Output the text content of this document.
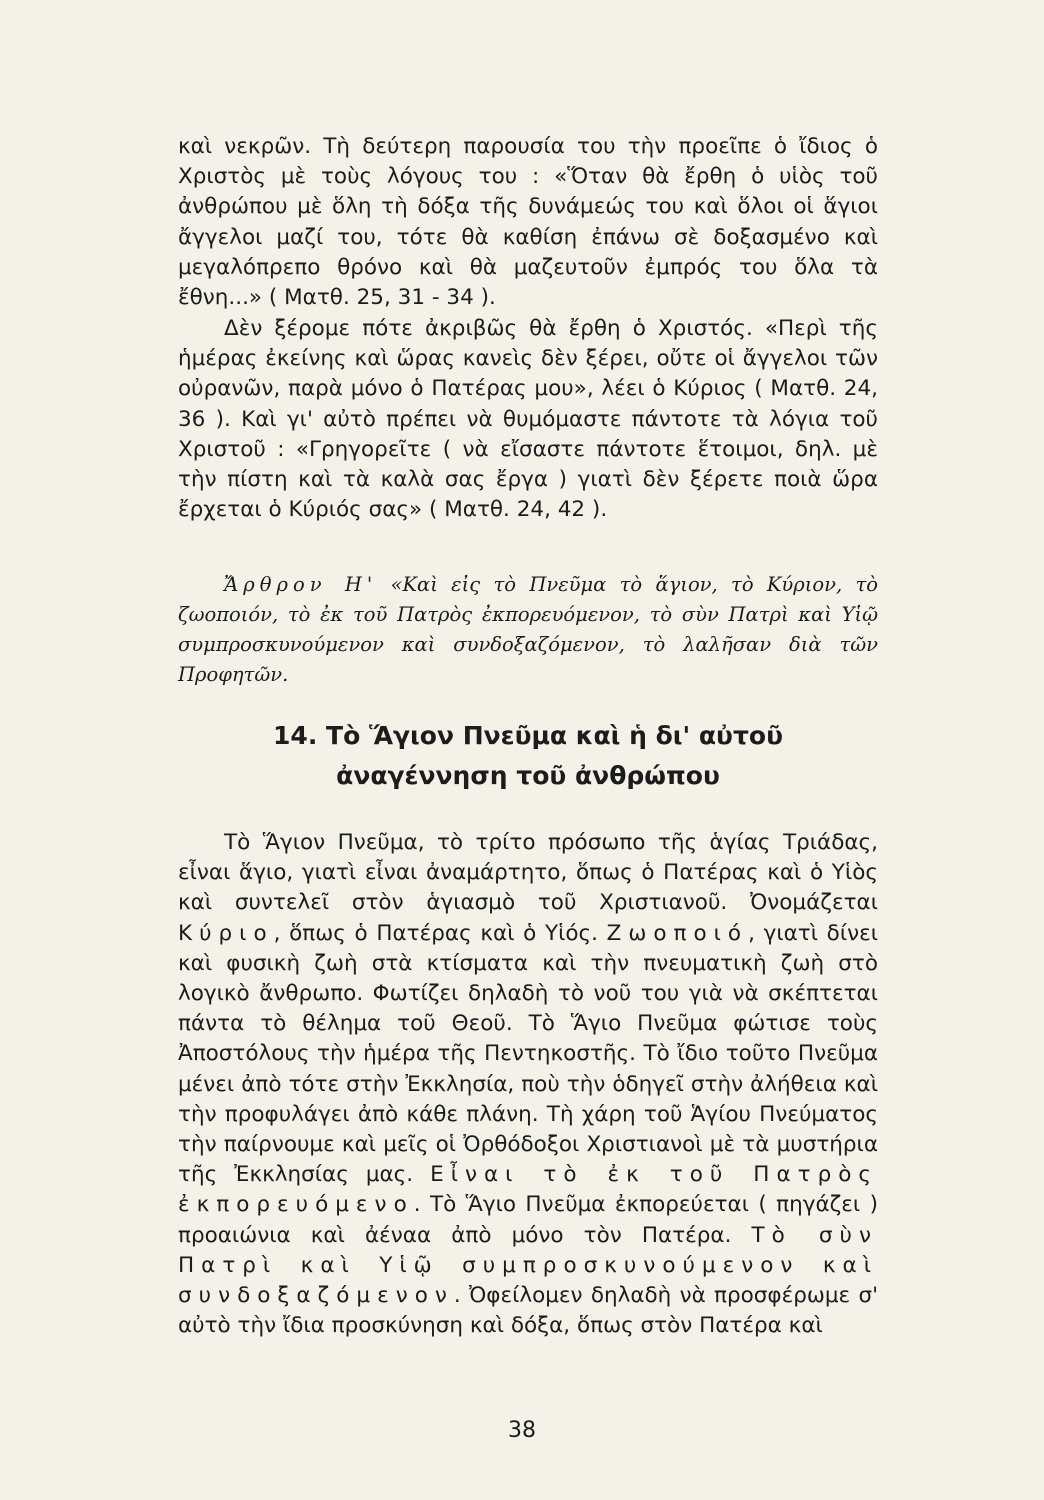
καὶ νεκρῶν. Τὴ δεύτερη παρουσία του τὴν προεῖπε ὁ ἴδιος ὁ Χριστὸς μὲ τοὺς λόγους του : «Ὅταν θὰ ἔρθη ὁ υἱὸς τοῦ ἀνθρώπου μὲ ὅλη τὴ δόξα τῆς δυνάμεώς του καὶ ὅλοι οἱ ἅγιοι ἄγγελοι μαζί του, τότε θὰ καθίση ἐπάνω σὲ δοξασμένο καὶ μεγαλόπρεπο θρόνο καὶ θὰ μαζευτοῦν ἐμπρός του ὅλα τὰ ἔθνη...» ( Ματθ. 25, 31 - 34 ).

Δὲν ξέρομε πότε ἀκριβῶς θὰ ἔρθη ὁ Χριστός. «Περὶ τῆς ἡμέρας ἐκείνης καὶ ὥρας κανεὶς δὲν ξέρει, οὔτε οἱ ἄγγελοι τῶν οὐρανῶν, παρὰ μόνο ὁ Πατέρας μου», λέει ὁ Κύριος ( Ματθ. 24, 36 ). Καὶ γι' αὐτὸ πρέπει νὰ θυμόμαστε πάντοτε τὰ λόγια τοῦ Χριστοῦ : «Γρηγορεῖτε ( νὰ εἴσαστε πάντοτε ἕτοιμοι, δηλ. μὲ τὴν πίστη καὶ τὰ καλὰ σας ἔργα ) γιατὶ δὲν ξέρετε ποιὰ ὥρα ἔρχεται ὁ Κύριός σας» ( Ματθ. 24, 42 ).

Ἄρθρον Η' «Καὶ εἰς τὸ Πνεῦμα τὸ ἅγιον, τὸ Κύριον, τὸ ζωοποιόν, τὸ ἐκ τοῦ Πατρὸς ἐκπορευόμενον, τὸ σὺν Πατρὶ καὶ Υἱῷ συμπροσκυνούμενον καὶ συνδοξαζόμενον, τὸ λαλῆσαν διὰ τῶν Προφητῶν.

14. Τὸ Ἅγιον Πνεῦμα καὶ ἡ δι' αὐτοῦ
ἀναγέννηση τοῦ ἀνθρώπου

Τὸ Ἅγιον Πνεῦμα, τὸ τρίτο πρόσωπο τῆς ἁγίας Τριάδας, εἶναι ἅγιο, γιατὶ εἶναι ἀναμάρτητο, ὅπως ὁ Πατέρας καὶ ὁ Υἱὸς καὶ συντελεῖ στὸν ἁγιασμὸ τοῦ Χριστιανοῦ. Ὀνομάζεται Κύριο, ὅπως ὁ Πατέρας καὶ ὁ Υἱός. Ζωοποιό, γιατὶ δίνει καὶ φυσικὴ ζωὴ στὰ κτίσματα καὶ τὴν πνευματικὴ ζωὴ στὸ λογικὸ ἄνθρωπο. Φωτίζει δηλαδὴ τὸ νοῦ του γιὰ νὰ σκέπτεται πάντα τὸ θέλημα τοῦ Θεοῦ. Τὸ Ἅγιο Πνεῦμα φώτισε τοὺς Ἀποστόλους τὴν ἡμέρα τῆς Πεντηκοστῆς. Τὸ ἴδιο τοῦτο Πνεῦμα μένει ἀπὸ τότε στὴν Ἐκκλησία, ποὺ τὴν ὁδηγεῖ στὴν ἀλήθεια καὶ τὴν προφυλάγει ἀπὸ κάθε πλάνη. Τὴ χάρη τοῦ Ἁγίου Πνεύματος τὴν παίρνουμε καὶ μεῖς οἱ Ὀρθόδοξοι Χριστιανοὶ μὲ τὰ μυστήρια τῆς Ἐκκλησίας μας. Εἶναι τὸ ἐκ τοῦ Πατρὸς ἐκπορευόμενο. Τὸ Ἅγιο Πνεῦμα ἐκπορεύεται ( πηγάζει ) προαιώνια καὶ ἀέναα ἀπὸ μόνο τὸν Πατέρα. Τὸ σὺν Πατρὶ καὶ Υἱῷ συμπροσκυνούμενον καὶ συνδοξαζόμενον. Ὀφείλομεν δηλαδὴ νὰ προσφέρωμε σ' αὐτὸ τὴν ἴδια προσκύνηση καὶ δόξα, ὅπως στὸν Πατέρα καὶ

38
